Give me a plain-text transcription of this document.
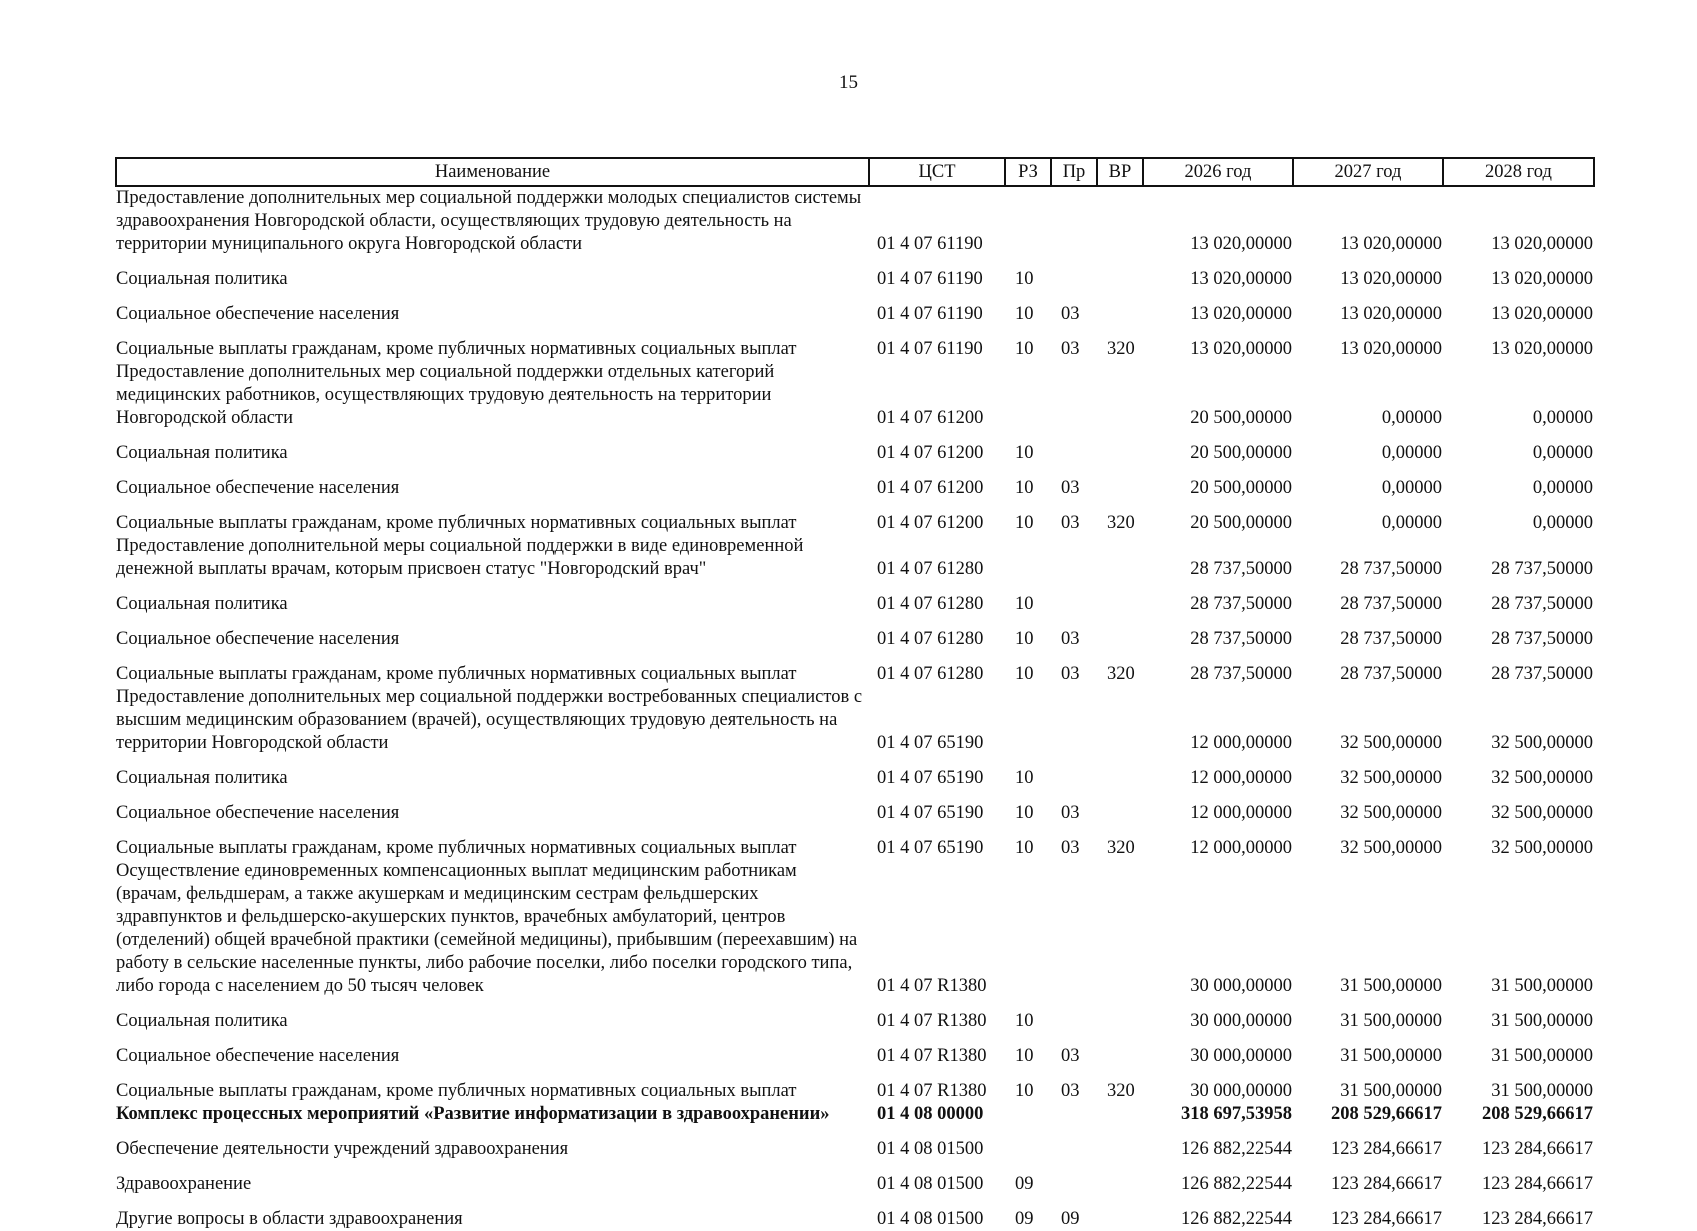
15
Наименование	ЦСТ	РЗ	Пр	ВР	2026 год	2027 год	2028 год
Предоставление дополнительных мер социальной поддержки молодых специалистов системы здравоохранения Новгородской области, осуществляющих трудовую деятельность на территории муниципального округа Новгородской области	01 4 07 61190				13 020,00000	13 020,00000	13 020,00000
Социальная политика	01 4 07 61190	10			13 020,00000	13 020,00000	13 020,00000
Социальное обеспечение населения	01 4 07 61190	10	03		13 020,00000	13 020,00000	13 020,00000
Социальные выплаты гражданам, кроме публичных нормативных социальных выплат	01 4 07 61190	10	03	320	13 020,00000	13 020,00000	13 020,00000
Предоставление дополнительных мер социальной поддержки отдельных категорий медицинских работников, осуществляющих трудовую деятельность на территории Новгородской области	01 4 07 61200				20 500,00000	0,00000	0,00000
Социальная политика	01 4 07 61200	10			20 500,00000	0,00000	0,00000
Социальное обеспечение населения	01 4 07 61200	10	03		20 500,00000	0,00000	0,00000
Социальные выплаты гражданам, кроме публичных нормативных социальных выплат	01 4 07 61200	10	03	320	20 500,00000	0,00000	0,00000
Предоставление дополнительной меры социальной поддержки в виде единовременной денежной выплаты врачам, которым присвоен статус "Новгородский врач"	01 4 07 61280				28 737,50000	28 737,50000	28 737,50000
Социальная политика	01 4 07 61280	10			28 737,50000	28 737,50000	28 737,50000
Социальное обеспечение населения	01 4 07 61280	10	03		28 737,50000	28 737,50000	28 737,50000
Социальные выплаты гражданам, кроме публичных нормативных социальных выплат	01 4 07 61280	10	03	320	28 737,50000	28 737,50000	28 737,50000
Предоставление дополнительных мер социальной поддержки востребованных специалистов с высшим медицинским образованием (врачей), осуществляющих трудовую деятельность на территории Новгородской области	01 4 07 65190				12 000,00000	32 500,00000	32 500,00000
Социальная политика	01 4 07 65190	10			12 000,00000	32 500,00000	32 500,00000
Социальное обеспечение населения	01 4 07 65190	10	03		12 000,00000	32 500,00000	32 500,00000
Социальные выплаты гражданам, кроме публичных нормативных социальных выплат	01 4 07 65190	10	03	320	12 000,00000	32 500,00000	32 500,00000
Осуществление единовременных компенсационных выплат медицинским работникам (врачам, фельдшерам, а также акушеркам и медицинским сестрам фельдшерских здравпунктов и фельдшерско-акушерских пунктов, врачебных амбулаторий, центров (отделений) общей врачебной практики (семейной медицины), прибывшим (переехавшим) на работу в сельские населенные пункты, либо рабочие поселки, либо поселки городского типа, либо города с населением до 50 тысяч человек	01 4 07 R1380				30 000,00000	31 500,00000	31 500,00000
Социальная политика	01 4 07 R1380	10			30 000,00000	31 500,00000	31 500,00000
Социальное обеспечение населения	01 4 07 R1380	10	03		30 000,00000	31 500,00000	31 500,00000
Социальные выплаты гражданам, кроме публичных нормативных социальных выплат	01 4 07 R1380	10	03	320	30 000,00000	31 500,00000	31 500,00000
Комплекс процессных мероприятий «Развитие информатизации в здравоохранении»	01 4 08 00000				318 697,53958	208 529,66617	208 529,66617
Обеспечение деятельности учреждений здравоохранения	01 4 08 01500				126 882,22544	123 284,66617	123 284,66617
Здравоохранение	01 4 08 01500	09			126 882,22544	123 284,66617	123 284,66617
Другие вопросы в области здравоохранения	01 4 08 01500	09	09		126 882,22544	123 284,66617	123 284,66617
